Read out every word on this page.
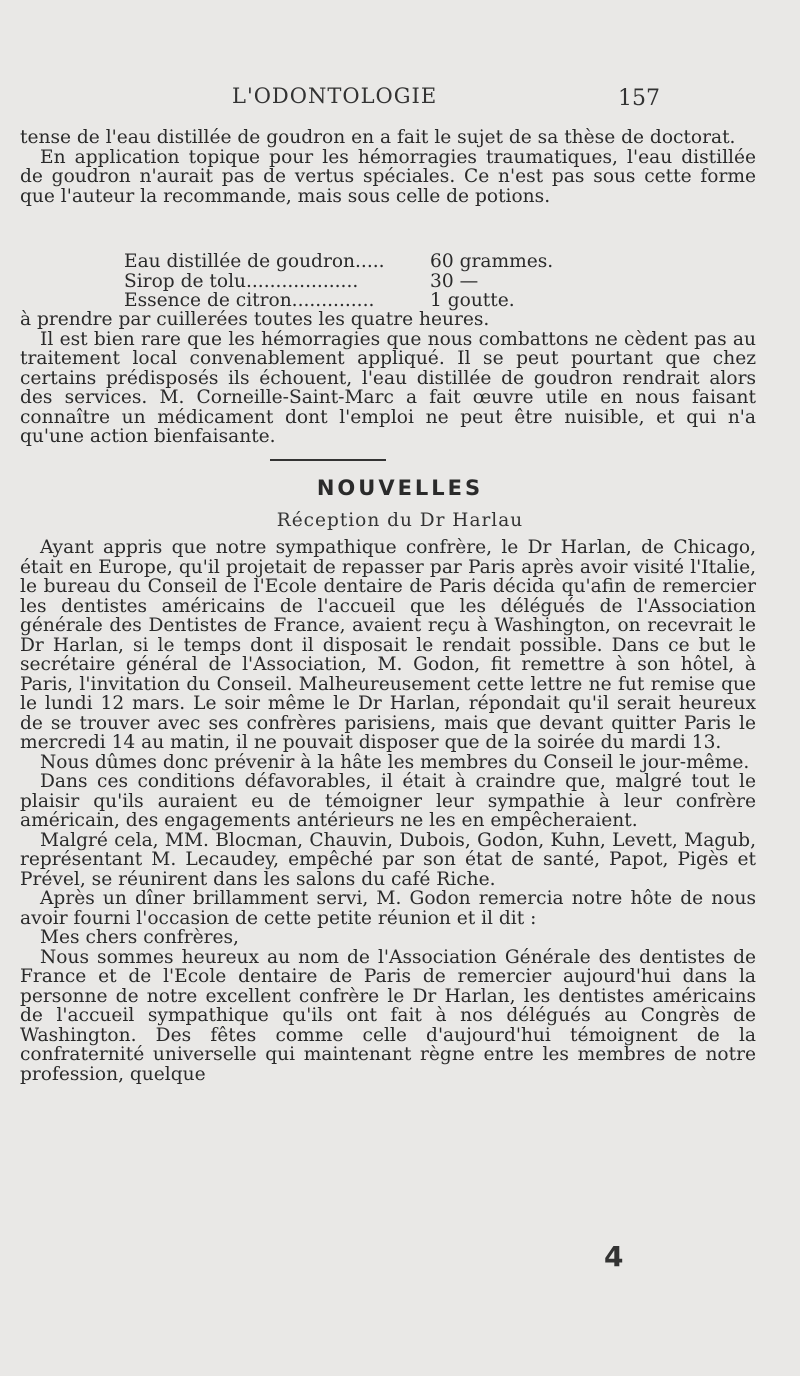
L'ODONTOLOGIE	157

tense de l'eau distillée de goudron en a fait le sujet de sa thèse de doctorat.

En application topique pour les hémorragies traumatiques, l'eau distillée de goudron n'aurait pas de vertus spéciales. Ce n'est pas sous cette forme que l'auteur la recommande, mais sous celle de potions.

Eau distillée de goudron.....	60 grammes.
Sirop de tolu...................	30 —
Essence de citron..............	1 goutte.

à prendre par cuillerées toutes les quatre heures.

Il est bien rare que les hémorragies que nous combattons ne cèdent pas au traitement local convenablement appliqué. Il se peut pourtant que chez certains prédisposés ils échouent, l'eau distillée de goudron rendrait alors des services. M. Corneille-Saint-Marc a fait œuvre utile en nous faisant connaître un médicament dont l'emploi ne peut être nuisible, et qui n'a qu'une action bienfaisante.

NOUVELLES
Réception du Dr Harlau

Ayant appris que notre sympathique confrère, le Dr Harlan, de Chicago, était en Europe, qu'il projetait de repasser par Paris après avoir visité l'Italie, le bureau du Conseil de l'Ecole dentaire de Paris décida qu'afin de remercier les dentistes américains de l'accueil que les délégués de l'Association générale des Dentistes de France, avaient reçu à Washington, on recevrait le Dr Harlan, si le temps dont il disposait le rendait possible. Dans ce but le secrétaire général de l'Association, M. Godon, fit remettre à son hôtel, à Paris, l'invitation du Conseil. Malheureusement cette lettre ne fut remise que le lundi 12 mars. Le soir même le Dr Harlan, répondait qu'il serait heureux de se trouver avec ses confrères parisiens, mais que devant quitter Paris le mercredi 14 au matin, il ne pouvait disposer que de la soirée du mardi 13.

Nous dûmes donc prévenir à la hâte les membres du Conseil le jour-même.

Dans ces conditions défavorables, il était à craindre que, malgré tout le plaisir qu'ils auraient eu de témoigner leur sympathie à leur confrère américain, des engagements antérieurs ne les en empêcheraient.

Malgré cela, MM. Blocman, Chauvin, Dubois, Godon, Kuhn, Levett, Magub, représentant M. Lecaudey, empêché par son état de santé, Papot, Pigès et Prével, se réunirent dans les salons du café Riche.

Après un dîner brillamment servi, M. Godon remercia notre hôte de nous avoir fourni l'occasion de cette petite réunion et il dit :

Mes chers confrères,

Nous sommes heureux au nom de l'Association Générale des dentistes de France et de l'Ecole dentaire de Paris de remercier aujourd'hui dans la personne de notre excellent confrère le Dr Harlan, les dentistes américains de l'accueil sympathique qu'ils ont fait à nos délégués au Congrès de Washington. Des fêtes comme celle d'aujourd'hui témoignent de la confraternité universelle qui maintenant règne entre les membres de notre profession, quelque

4
